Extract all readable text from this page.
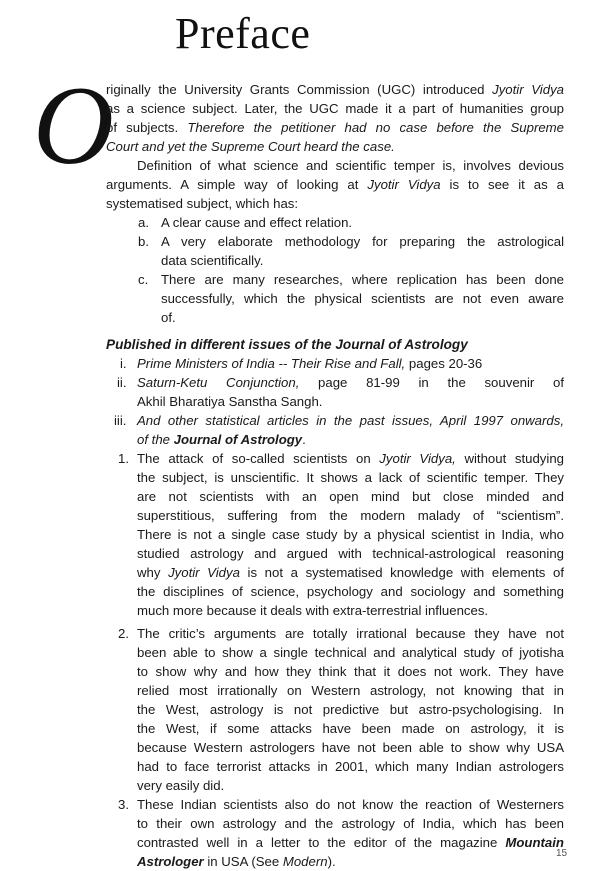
Preface
O
riginally the University Grants Commission (UGC) introduced Jyotir Vidya
as a science subject. Later, the UGC made it a part of humanities group
of subjects. Therefore the petitioner had no case before the Supreme
Court and yet the Supreme Court heard the case.
Definition of what science and scientific temper is, involves devious
arguments. A simple way of looking at Jyotir Vidya is to see it as a
systematised subject, which has:
a. A clear cause and effect relation.
b. A very elaborate methodology for preparing the astrological
data scientifically.
c. There are many researches, where replication has been done
successfully, which the physical scientists are not even aware
of.
Published in different issues of the Journal of Astrology
i. Prime Ministers of India -- Their Rise and Fall, pages 20-36
ii. Saturn-Ketu Conjunction, page 81-99 in the souvenir of
Akhil Bharatiya Sanstha Sangh.
iii. And other statistical articles in the past issues, April 1997 onwards,
of the Journal of Astrology.
1. The attack of so-called scientists on Jyotir Vidya, without studying
the subject, is unscientific. It shows a lack of scientific temper. They
are not scientists with an open mind but close minded and
superstitious, suffering from the modern malady of “scientism”.
There is not a single case study by a physical scientist in India, who
studied astrology and argued with technical-astrological reasoning
why Jyotir Vidya is not a systematised knowledge with elements of
the disciplines of science, psychology and sociology and something
much more because it deals with extra-terrestrial influences.
2. The critic’s arguments are totally irrational because they have not
been able to show a single technical and analytical study of jyotisha
to show why and how they think that it does not work. They have
relied most irrationally on Western astrology, not knowing that in
the West, astrology is not predictive but astro-psychologising. In
the West, if some attacks have been made on astrology, it is
because Western astrologers have not been able to show why USA
had to face terrorist attacks in 2001, which many Indian astrologers
very easily did.
3. These Indian scientists also do not know the reaction of Westerners
to their own astrology and the astrology of India, which has been
contrasted well in a letter to the editor of the magazine Mountain
Astrologer in USA (See Modern).
15
